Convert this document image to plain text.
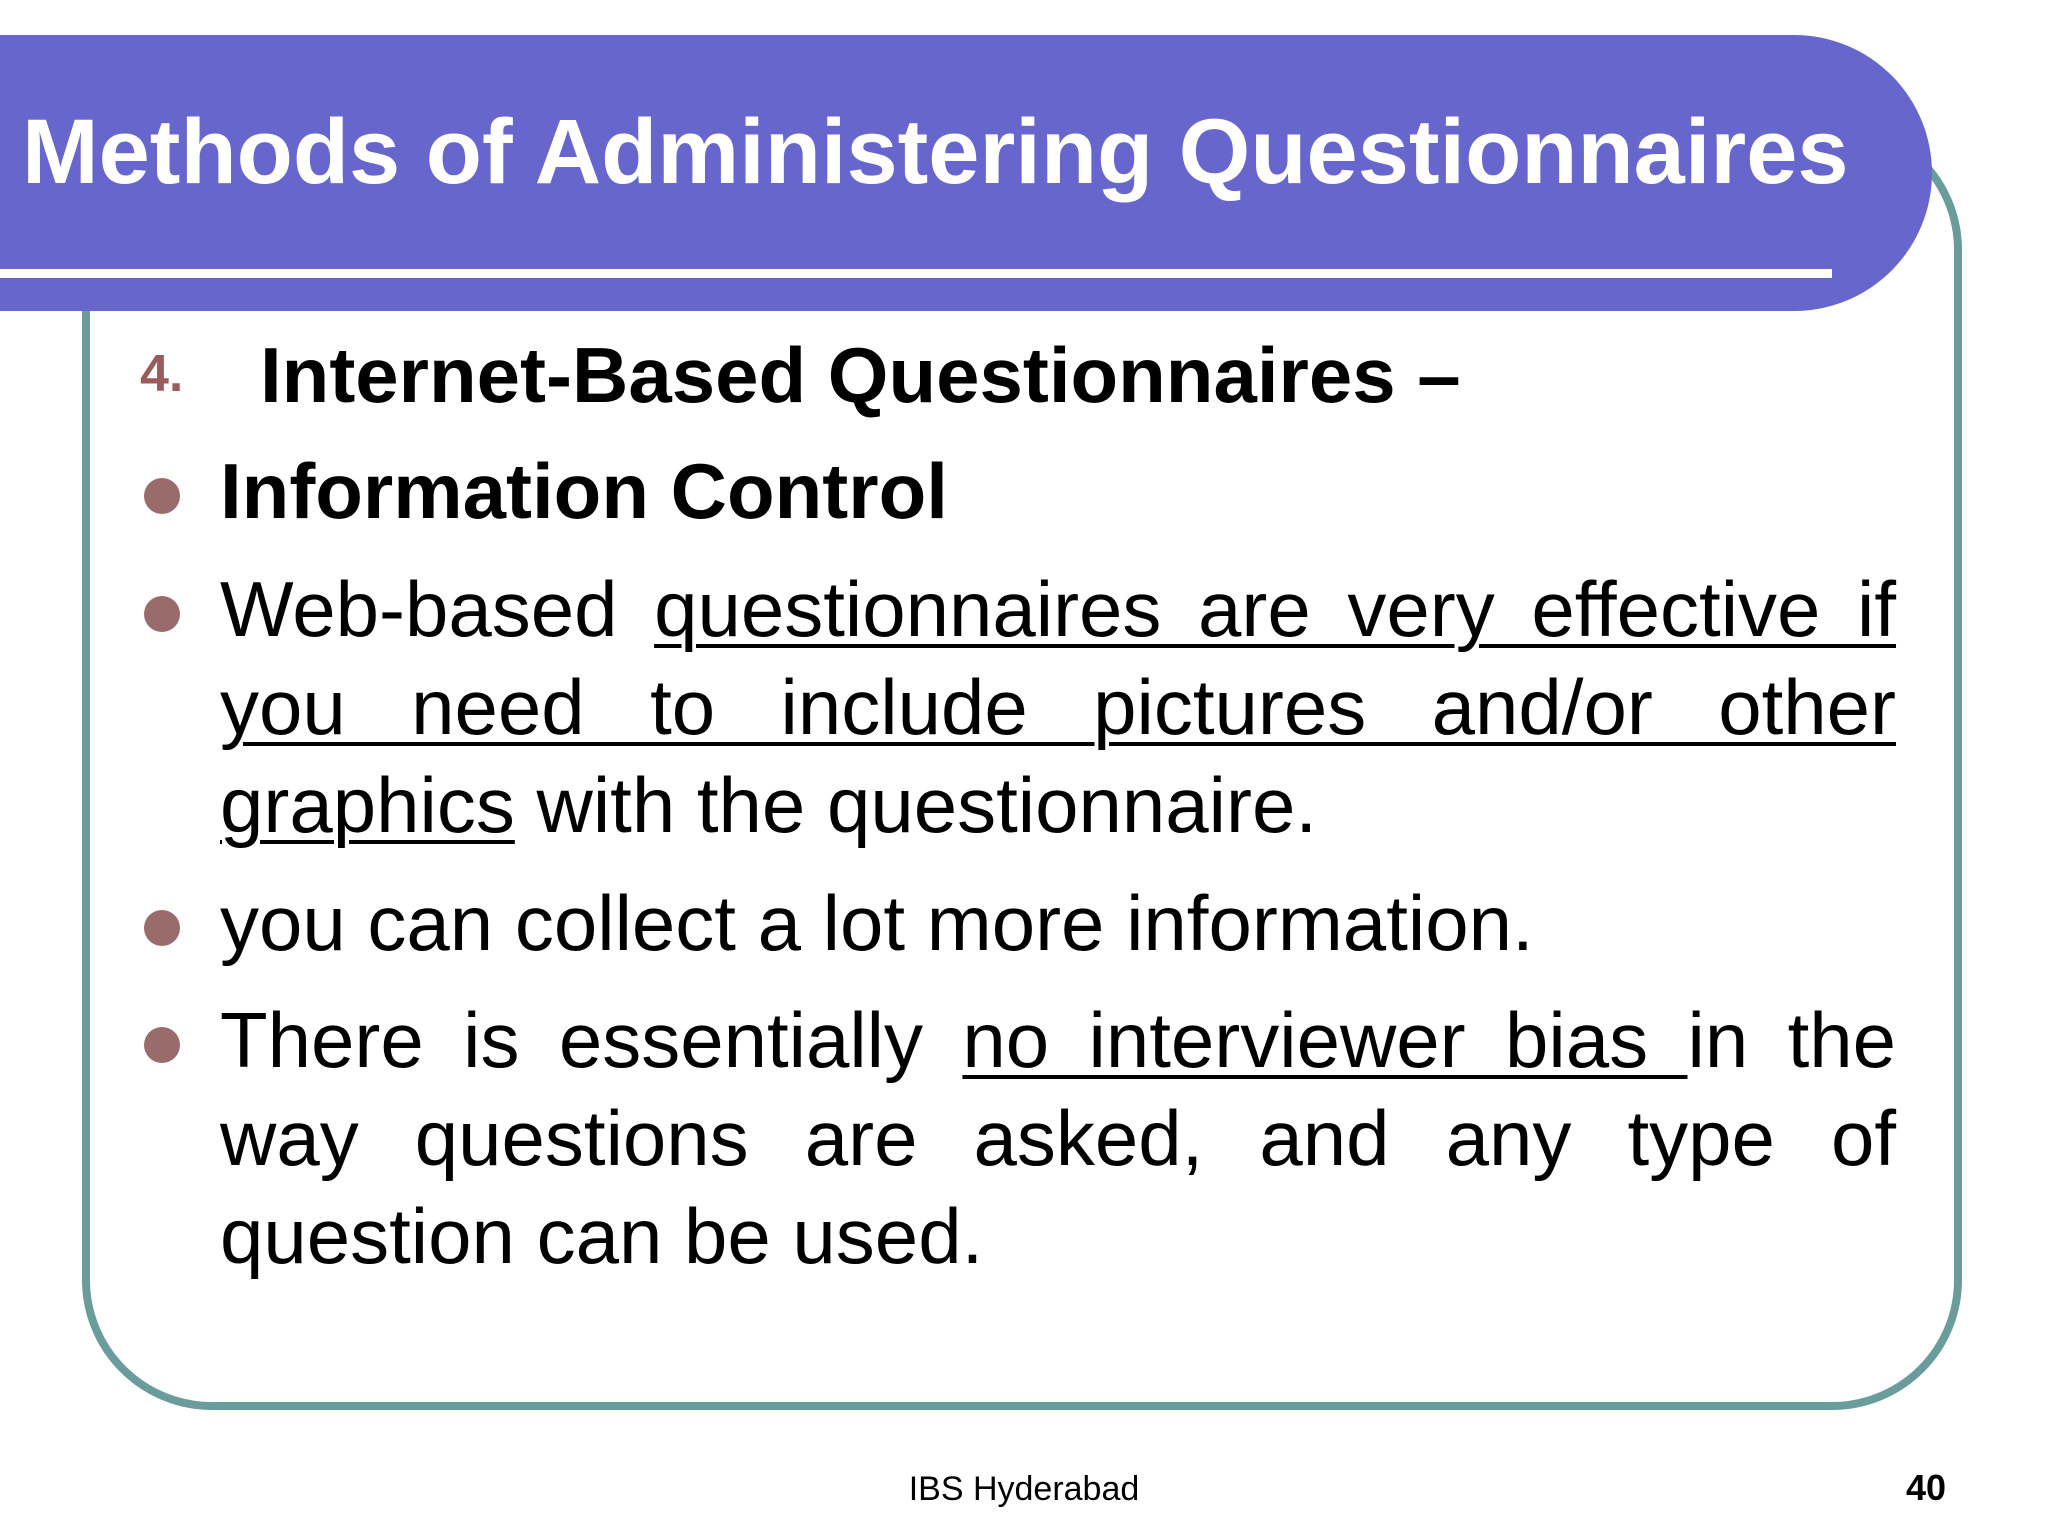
Methods of Administering Questionnaires
4. Internet-Based Questionnaires –
Information Control
Web-based questionnaires are very effective if you need to include pictures and/or other graphics with the questionnaire.
you can collect a lot more information.
There is essentially no interviewer bias in the way questions are asked, and any type of question can be used.
IBS Hyderabad	40
